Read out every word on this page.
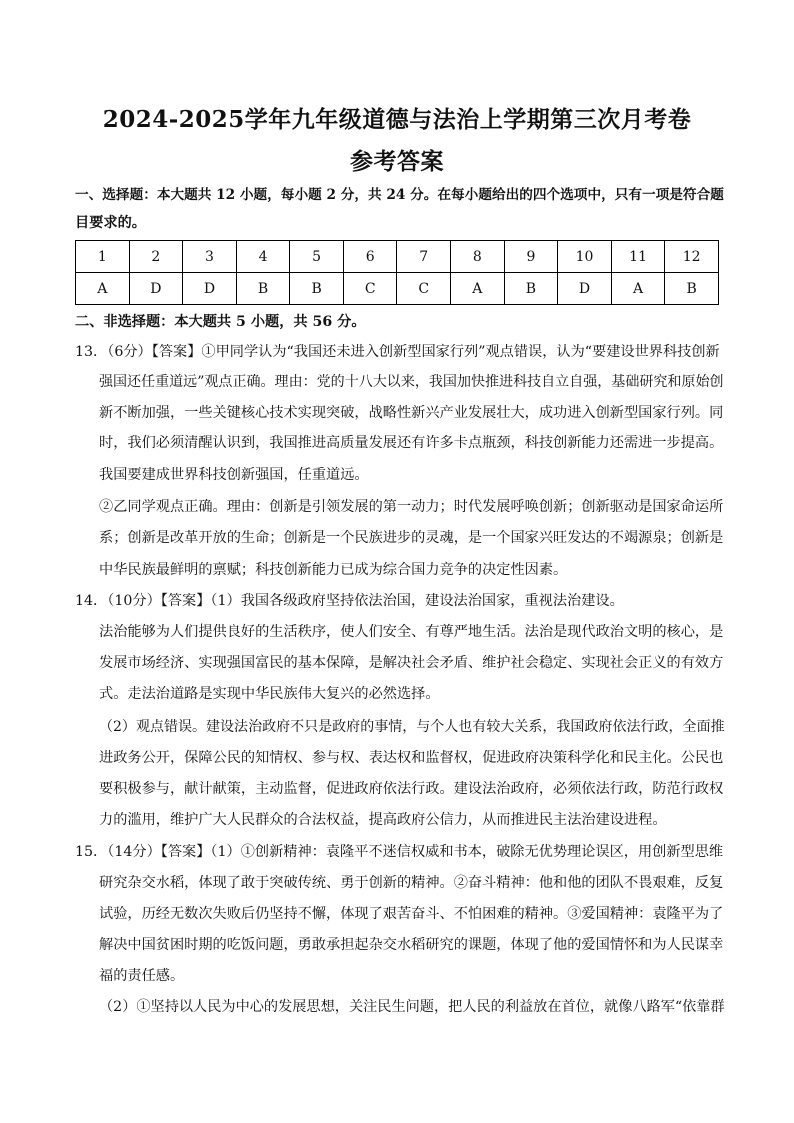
2024-2025学年九年级道德与法治上学期第三次月考卷
参考答案
一、选择题：本大题共 12 小题，每小题 2 分，共 24 分。在每小题给出的四个选项中，只有一项是符合题
目要求的。
1	2	3	4	5	6	7	8	9	10	11	12
A	D	D	B	B	C	C	A	B	D	A	B
二、非选择题：本大题共 5 小题，共 56 分。
13．（6分）【答案】①甲同学认为“我国还未进入创新型国家行列”观点错误，认为“要建设世界科技创新
强国还任重道远”观点正确。理由：党的十八大以来，我国加快推进科技自立自强，基础研究和原始创
新不断加强，一些关键核心技术实现突破，战略性新兴产业发展壮大，成功进入创新型国家行列。同
时，我们必须清醒认识到，我国推进高质量发展还有许多卡点瓶颈，科技创新能力还需进一步提高。
我国要建成世界科技创新强国，任重道远。
②乙同学观点正确。理由：创新是引领发展的第一动力；时代发展呼唤创新；创新驱动是国家命运所
系；创新是改革开放的生命；创新是一个民族进步的灵魂，是一个国家兴旺发达的不竭源泉；创新是
中华民族最鲜明的禀赋；科技创新能力已成为综合国力竞争的决定性因素。
14．（10分）【答案】（1）我国各级政府坚持依法治国，建设法治国家，重视法治建设。
法治能够为人们提供良好的生活秩序，使人们安全、有尊严地生活。法治是现代政治文明的核心，是
发展市场经济、实现强国富民的基本保障，是解决社会矛盾、维护社会稳定、实现社会正义的有效方
式。走法治道路是实现中华民族伟大复兴的必然选择。
（2）观点错误。建设法治政府不只是政府的事情，与个人也有较大关系，我国政府依法行政，全面推
进政务公开，保障公民的知情权、参与权、表达权和监督权，促进政府决策科学化和民主化。公民也
要积极参与，献计献策，主动监督，促进政府依法行政。建设法治政府，必须依法行政，防范行政权
力的滥用，维护广大人民群众的合法权益，提高政府公信力，从而推进民主法治建设进程。
15．（14分）【答案】（1）①创新精神：袁隆平不迷信权威和书本，破除无优势理论误区，用创新型思维
研究杂交水稻，体现了敢于突破传统、勇于创新的精神。②奋斗精神：他和他的团队不畏艰难，反复
试验，历经无数次失败后仍坚持不懈，体现了艰苦奋斗、不怕困难的精神。③爱国精神：袁隆平为了
解决中国贫困时期的吃饭问题，勇敢承担起杂交水稻研究的课题，体现了他的爱国情怀和为人民谋幸
福的责任感。
（2）①坚持以人民为中心的发展思想，关注民生问题，把人民的利益放在首位，就像八路军“依靠群
